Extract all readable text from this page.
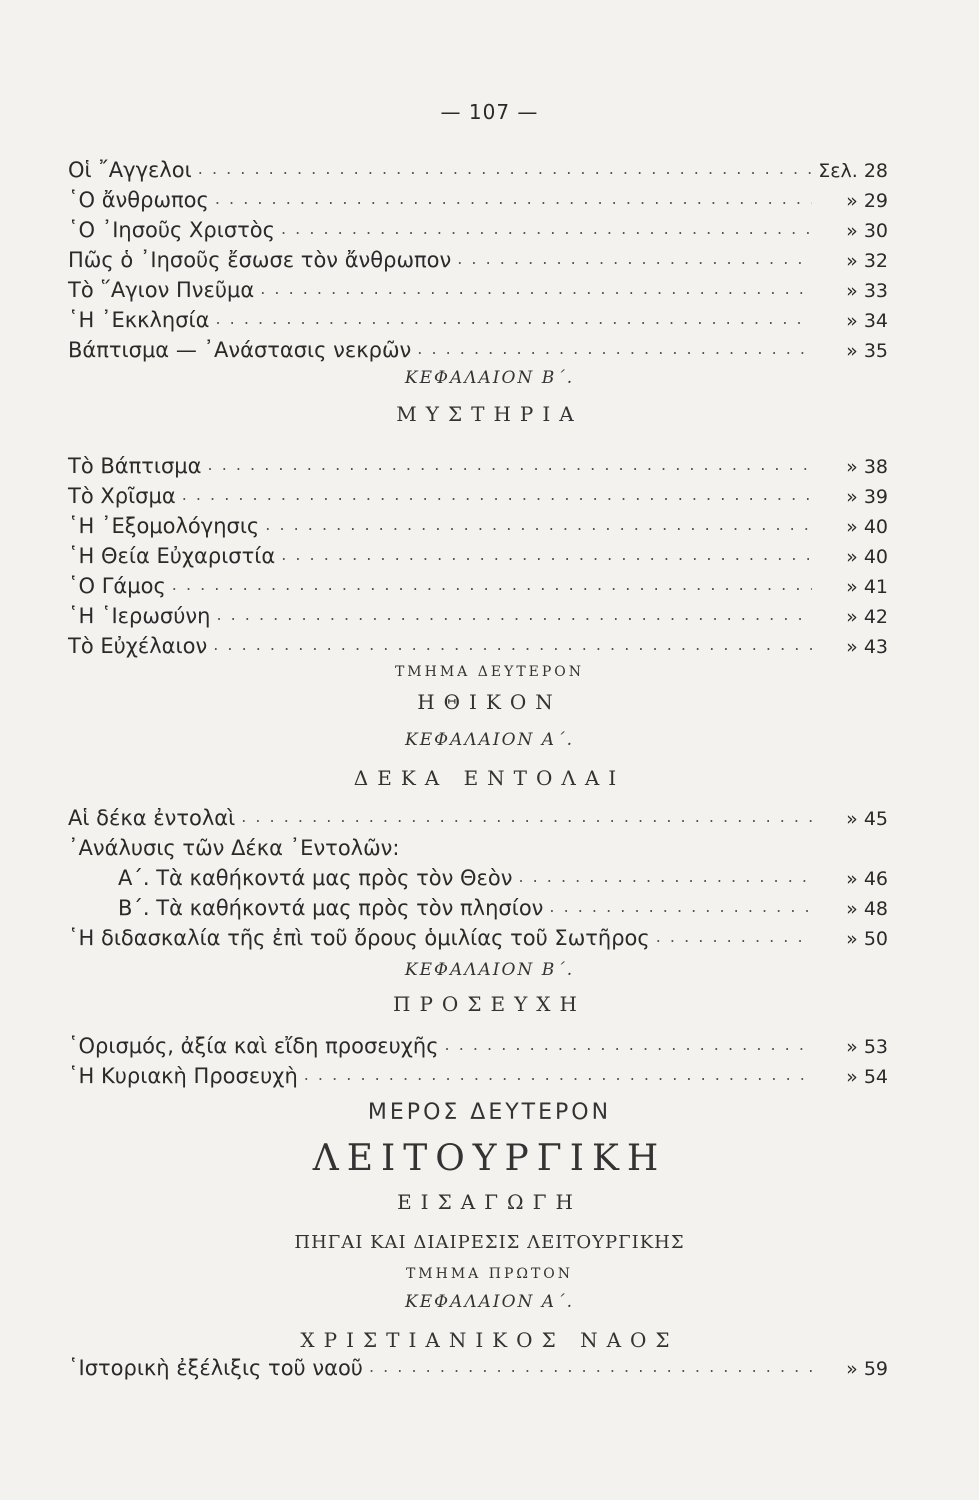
— 107 —
Οἱ ῎Αγγελοι . . .	Σελ. 28
῾Ο ἄνθρωπος . . .	» 29
῾Ο ᾿Ιησοῦς Χριστὸς . . .	» 30
Πῶς ὁ ᾿Ιησοῦς ἔσωσε τὸν ἄνθρωπον . . .	» 32
Τὸ ῞Αγιον Πνεῦμα . . .	» 33
῾Η ᾿Εκκλησία . . .	» 34
Βάπτισμα — ᾿Ανάστασις νεκρῶν . . .	» 35
ΚΕΦΑΛΑΙΟΝ Β΄.
ΜΥΣΤΗΡΙΑ
Τὸ Βάπτισμα . . .	» 38
Τὸ Χρῖσμα . . .	» 39
῾Η ᾿Εξομολόγησις . . .	» 40
῾Η Θεία Εὐχαριστία . . .	» 40
῾Ο Γάμος . . .	» 41
῾Η ῾Ιερωσύνη . . .	» 42
Τὸ Εὐχέλαιον . . .	» 43
ΤΜΗΜΑ ΔΕΥΤΕΡΟΝ
ΗΘΙΚΟΝ
ΚΕΦΑΛΑΙΟΝ Α΄.
ΔΕΚΑ ΕΝΤΟΛΑΙ
Αἱ δέκα ἐντολαὶ . . .	» 45
᾿Ανάλυσις τῶν Δέκα ᾿Εντολῶν:
Α΄. Τὰ καθήκοντά μας πρὸς τὸν Θεὸν . . .	» 46
Β΄. Τὰ καθήκοντά μας πρὸς τὸν πλησίον . . .	» 48
῾Η διδασκαλία τῆς ἐπὶ τοῦ ὄρους ὁμιλίας τοῦ Σωτῆρος . . .	» 50
ΚΕΦΑΛΑΙΟΝ Β΄.
ΠΡΟΣΕΥΧΗ
῾Ορισμός, ἀξία καὶ εἴδη προσευχῆς . . .	» 53
῾Η Κυριακὴ Προσευχὴ . . .	» 54
ΜΕΡΟΣ ΔΕΥΤΕΡΟΝ
ΛΕΙΤΟΥΡΓΙΚΗ
ΕΙΣΑΓΩΓΗ
ΠΗΓΑΙ ΚΑΙ ΔΙΑΙΡΕΣΙΣ ΛΕΙΤΟΥΡΓΙΚΗΣ
ΤΜΗΜΑ ΠΡΩΤΟΝ
ΚΕΦΑΛΑΙΟΝ Α΄.
ΧΡΙΣΤΙΑΝΙΚΟΣ ΝΑΟΣ
῾Ιστορικὴ ἐξέλιξις τοῦ ναοῦ . . .	» 59
